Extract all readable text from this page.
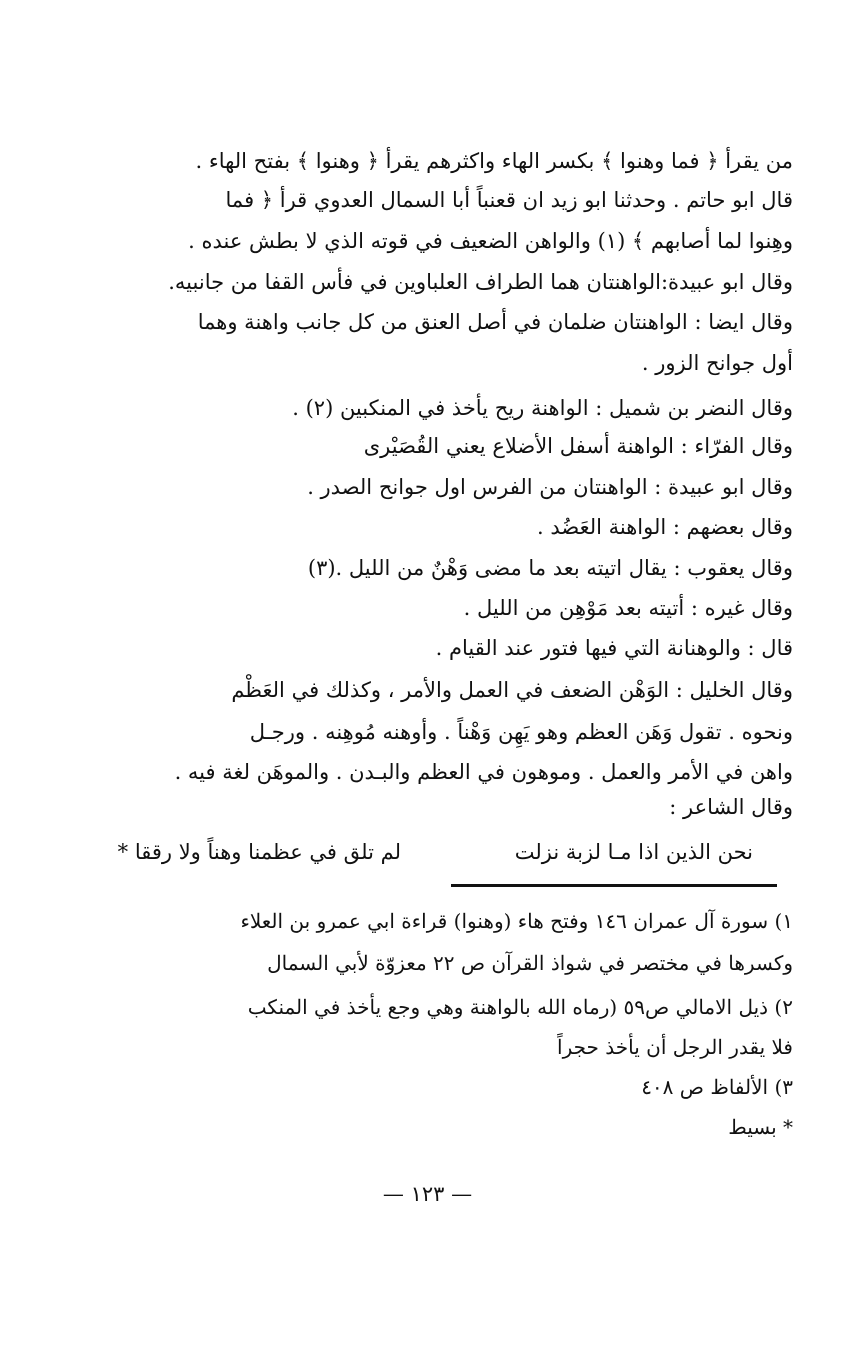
من يقرأ ﴿ فما وهنوا ﴾ بكسر الهاء واكثرهم يقرأ ﴿ وهنوا ﴾ بفتح الهاء .
قال ابو حاتم . وحدثنا ابو زيد ان قعنباً أبا السمال العدوي قرأ ﴿ فما
وهِنوا لما أصابهم ﴾ (١) والواهن الضعيف في قوته الذي لا بطش عنده .
وقال ابو عبيدة:الواهنتان هما الطراف العلباوين في فأس القفا من جانبيه.
وقال ايضا : الواهنتان ضلمان في أصل العنق من كل جانب واهنة وهما
أول جوانح الزور .
وقال النضر بن شميل : الواهنة ريح يأخذ في المنكبين (٢) .
وقال الفرّاء : الواهنة أسفل الأضلاع يعني القُصَيْرى
وقال ابو عبيدة : الواهنتان من الفرس اول جوانح الصدر .
وقال بعضهم : الواهنة العَضُد .
وقال يعقوب : يقال اتيته بعد ما مضى وَهْنٌ من الليل .(٣)
وقال غيره : أتيته بعد مَوْهِن من الليل .
قال : والوهنانة التي فيها فتور عند القيام .
وقال الخليل : الوَهْن الضعف في العمل والأمر ، وكذلك في العَظْم
ونحوه . تقول وَهَن العظم وهو يَهِن وَهْناً . وأوهنه مُوهِنه . ورجـل
واهن في الأمر والعمل . وموهون في العظم والبـدن . والموهَن لغة فيه .
وقال الشاعر :
نحن الذين اذا مـا لزبة نزلت
لم تلق في عظمنا وهناً ولا رققا *
١) سورة آل عمران ١٤٦ وفتح هاء (وهنوا) قراءة ابي عمرو بن العلاء
وكسرها في مختصر في شواذ القرآن ص ٢٢ معزوّة لأبي السمال
٢) ذيل الامالي ص٥٩ (رماه الله بالواهنة وهي وجع يأخذ في المنكب
فلا يقدر الرجل أن يأخذ حجراً
٣) الألفاظ ص ٤٠٨
* بسيط
— ١٢٣ —
